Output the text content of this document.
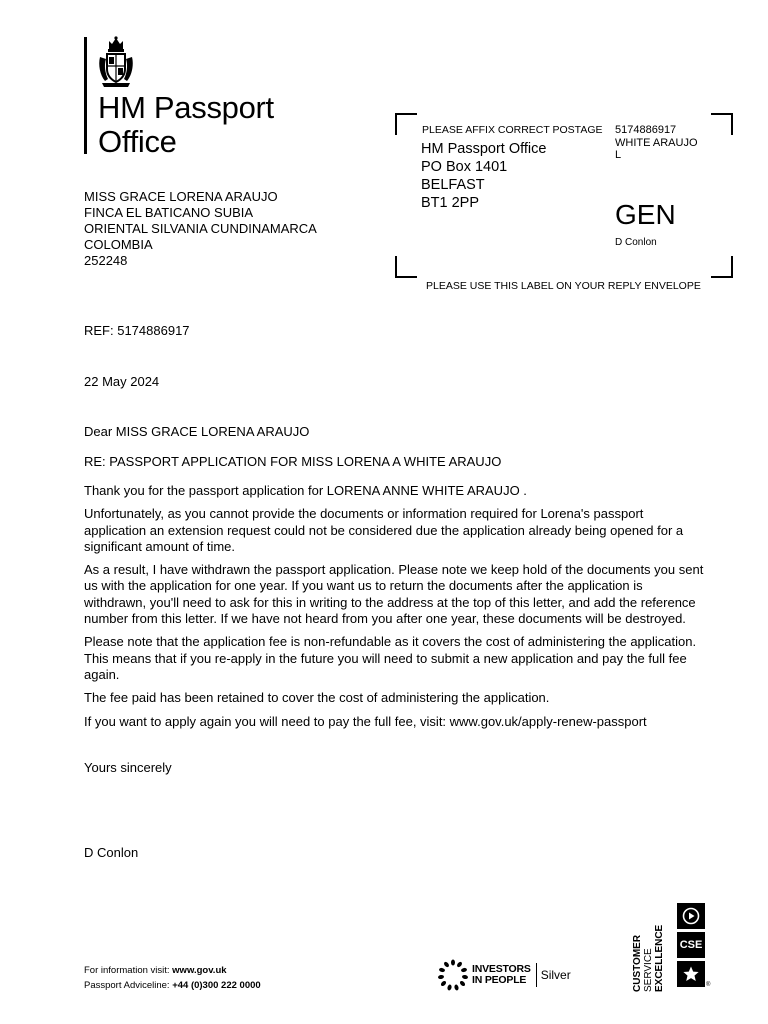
HM Passport
Office
MISS GRACE LORENA ARAUJO
FINCA EL BATICANO SUBIA
ORIENTAL SILVANIA CUNDINAMARCA
COLOMBIA
252248
PLEASE AFFIX CORRECT POSTAGE
HM Passport Office
PO Box 1401
BELFAST
BT1 2PP
5174886917
WHITE ARAUJO
L
GEN
D Conlon
PLEASE USE THIS LABEL ON YOUR REPLY ENVELOPE
REF: 5174886917
22 May 2024
Dear MISS GRACE LORENA ARAUJO
RE: PASSPORT APPLICATION FOR MISS LORENA A WHITE ARAUJO

Thank you for the passport application for LORENA ANNE WHITE ARAUJO .

Unfortunately, as you cannot provide the documents or information required for Lorena's passport application an extension request could not be considered due the application already being opened for a significant amount of time.

As a result, I have withdrawn the passport application. Please note we keep hold of the documents you sent us with the application for one year. If you want us to return the documents after the application is withdrawn, you'll need to ask for this in writing to the address at the top of this letter, and add the reference number from this letter. If we have not heard from you after one year, these documents will be destroyed.

Please note that the application fee is non-refundable as it covers the cost of administering the application. This means that if you re-apply in the future you will need to submit a new application and pay the full fee again.

The fee paid has been retained to cover the cost of administering the application.

If you want to apply again you will need to pay the full fee, visit: www.gov.uk/apply-renew-passport

Yours sincerely
D Conlon
For information visit: www.gov.uk
Passport Adviceline: +44 (0)300 222 0000
INVESTORS
IN PEOPLE	Silver	CUSTOMER SERVICE EXCELLENCE CSE
®
